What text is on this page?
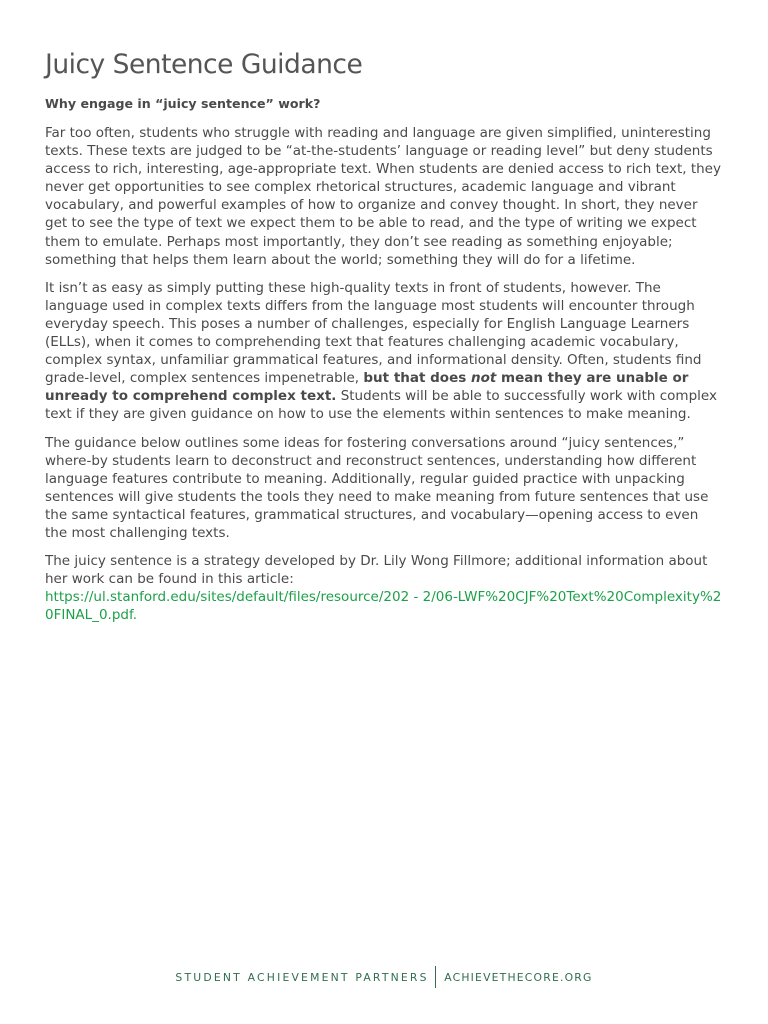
Juicy Sentence Guidance
Why engage in “juicy sentence” work?

Far too often, students who struggle with reading and language are given simplified, uninteresting texts. These texts are judged to be “at-the-students’ language or reading level” but deny students access to rich, interesting, age-appropriate text. When students are denied access to rich text, they never get opportunities to see complex rhetorical structures, academic language and vibrant vocabulary, and powerful examples of how to organize and convey thought. In short, they never get to see the type of text we expect them to be able to read, and the type of writing we expect them to emulate. Perhaps most importantly, they don’t see reading as something enjoyable; something that helps them learn about the world; something they will do for a lifetime.

It isn’t as easy as simply putting these high-quality texts in front of students, however. The language used in complex texts differs from the language most students will encounter through everyday speech. This poses a number of challenges, especially for English Language Learners (ELLs), when it comes to comprehending text that features challenging academic vocabulary, complex syntax, unfamiliar grammatical features, and informational density. Often, students find grade-level, complex sentences impenetrable, but that does not mean they are unable or unready to comprehend complex text. Students will be able to successfully work with complex text if they are given guidance on how to use the elements within sentences to make meaning.

The guidance below outlines some ideas for fostering conversations around “juicy sentences,” where-by students learn to deconstruct and reconstruct sentences, understanding how different language features contribute to meaning. Additionally, regular guided practice with unpacking sentences will give students the tools they need to make meaning from future sentences that use the same syntactical features, grammatical structures, and vocabulary—opening access to even the most challenging texts.

The juicy sentence is a strategy developed by Dr. Lily Wong Fillmore; additional information about her work can be found in this article:
https://ul.stanford.edu/sites/default/files/resource/202 - 2/06-LWF%20CJF%20Text%20Complexity%20FINAL_0.pdf.

STUDENT ACHIEVEMENT PARTNERS ACHIEVETHECORE.ORG
